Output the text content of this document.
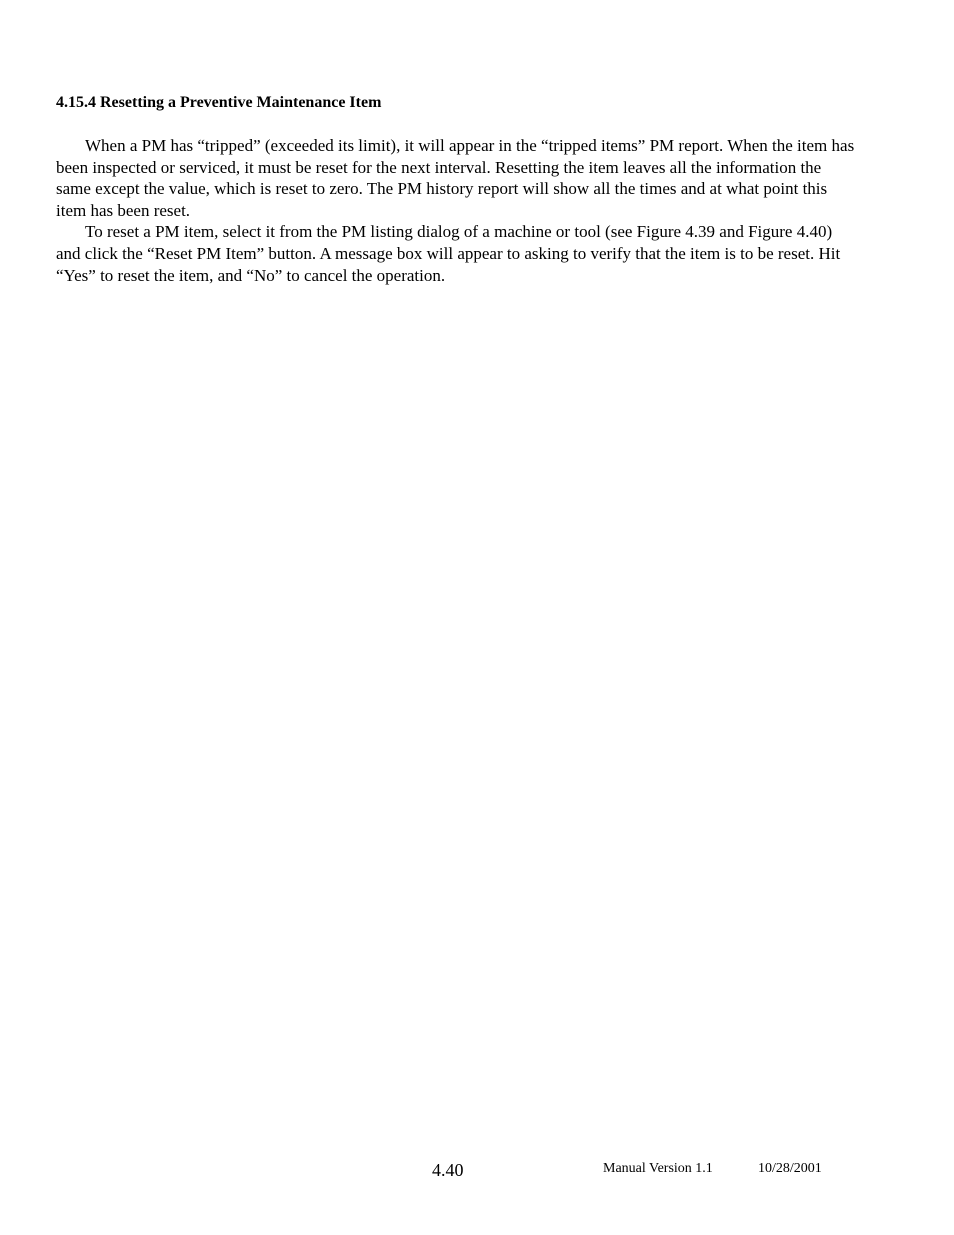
4.15.4 Resetting a Preventive Maintenance Item

When a PM has “tripped” (exceeded its limit), it will appear in the “tripped items” PM report. When the item has been inspected or serviced, it must be reset for the next interval. Resetting the item leaves all the information the same except the value, which is reset to zero. The PM history report will show all the times and at what point this item has been reset.

To reset a PM item, select it from the PM listing dialog of a machine or tool (see Figure 4.39 and Figure 4.40) and click the “Reset PM Item” button. A message box will appear to asking to verify that the item is to be reset. Hit “Yes” to reset the item, and “No” to cancel the operation.

4.40	Manual Version 1.1	10/28/2001
